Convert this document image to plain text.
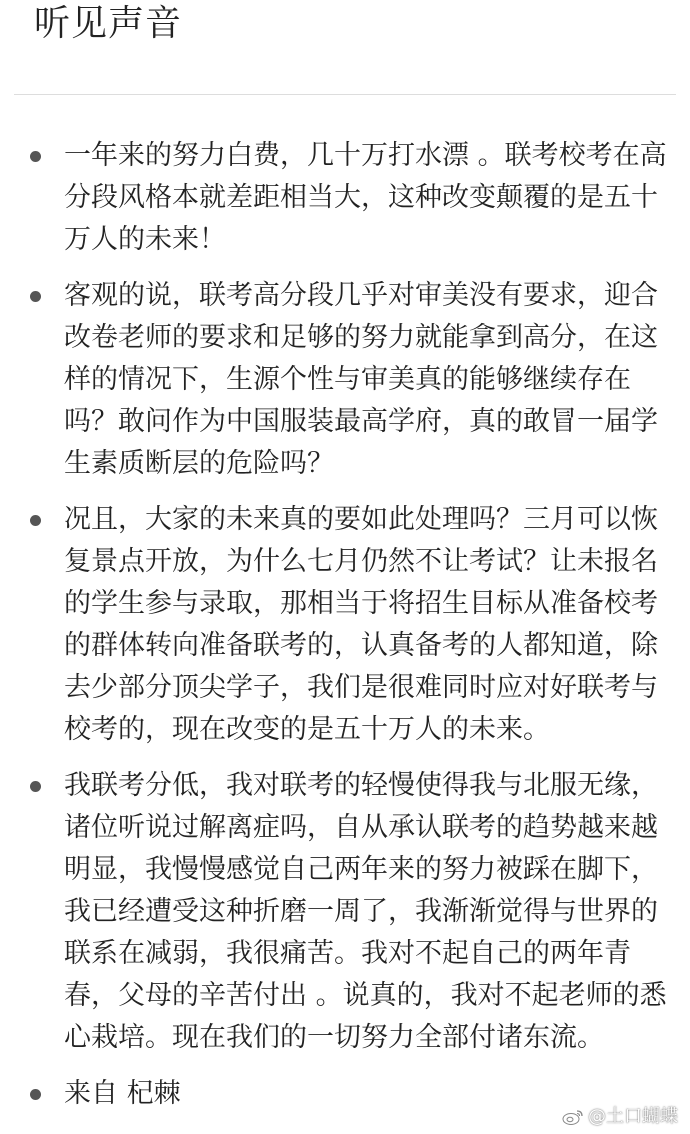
听见声音
一年来的努力白费，几十万打水漂 。联考校考在高分段风格本就差距相当大，这种改变颠覆的是五十万人的未来！
客观的说，联考高分段几乎对审美没有要求，迎合改卷老师的要求和足够的努力就能拿到高分，在这样的情况下，生源个性与审美真的能够继续存在吗？敢问作为中国服装最高学府，真的敢冒一届学生素质断层的危险吗？
况且，大家的未来真的要如此处理吗？三月可以恢复景点开放，为什么七月仍然不让考试？让未报名的学生参与录取，那相当于将招生目标从准备校考的群体转向准备联考的，认真备考的人都知道，除去少部分顶尖学子，我们是很难同时应对好联考与校考的，现在改变的是五十万人的未来。
我联考分低，我对联考的轻慢使得我与北服无缘，诸位听说过解离症吗，自从承认联考的趋势越来越明显，我慢慢感觉自己两年来的努力被踩在脚下，我已经遭受这种折磨一周了，我渐渐觉得与世界的联系在减弱，我很痛苦。我对不起自己的两年青春，父母的辛苦付出 。说真的，我对不起老师的悉心栽培。现在我们的一切努力全部付诸东流。
来自 杞棘
@土口蝴蝶
